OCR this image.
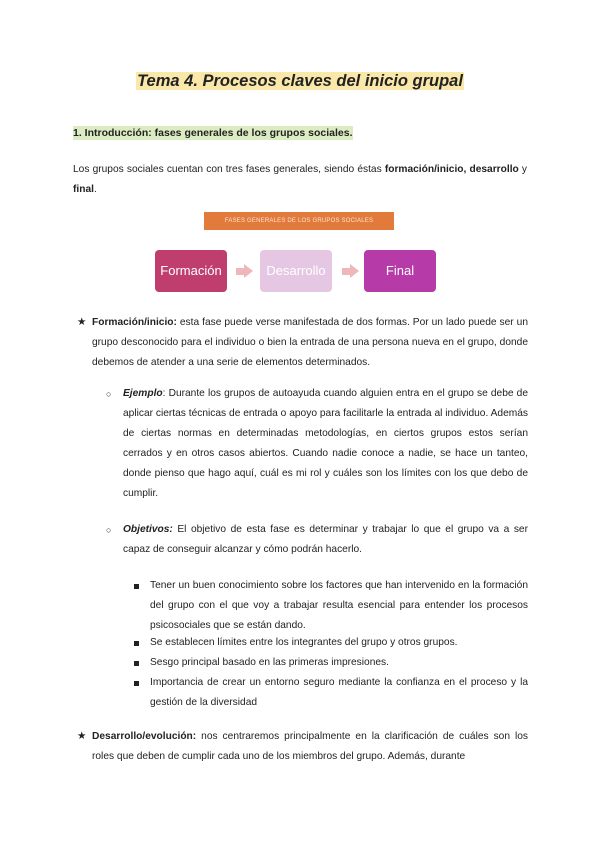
Tema 4. Procesos claves del inicio grupal
1. Introducción: fases generales de los grupos sociales.
Los grupos sociales cuentan con tres fases generales, siendo éstas formación/inicio, desarrollo y final.
FASES GENERALES DE LOS GRUPOS SOCIALES
Formación	Desarrollo	Final
★ Formación/inicio: esta fase puede verse manifestada de dos formas. Por un lado puede ser un grupo desconocido para el individuo o bien la entrada de una persona nueva en el grupo, donde debemos de atender a una serie de elementos determinados.
○ Ejemplo: Durante los grupos de autoayuda cuando alguien entra en el grupo se debe de aplicar ciertas técnicas de entrada o apoyo para facilitarle la entrada al individuo. Además de ciertas normas en determinadas metodologías, en ciertos grupos estos serían cerrados y en otros casos abiertos. Cuando nadie conoce a nadie, se hace un tanteo, donde pienso que hago aquí, cuál es mi rol y cuáles son los límites con los que debo de cumplir.
○ Objetivos: El objetivo de esta fase es determinar y trabajar lo que el grupo va a ser capaz de conseguir alcanzar y cómo podrán hacerlo.
Tener un buen conocimiento sobre los factores que han intervenido en la formación del grupo con el que voy a trabajar resulta esencial para entender los procesos psicosociales que se están dando.
Se establecen límites entre los integrantes del grupo y otros grupos.
Sesgo principal basado en las primeras impresiones.
Importancia de crear un entorno seguro mediante la confianza en el proceso y la gestión de la diversidad
★ Desarrollo/evolución: nos centraremos principalmente en la clarificación de cuáles son los roles que deben de cumplir cada uno de los miembros del grupo. Además, durante
